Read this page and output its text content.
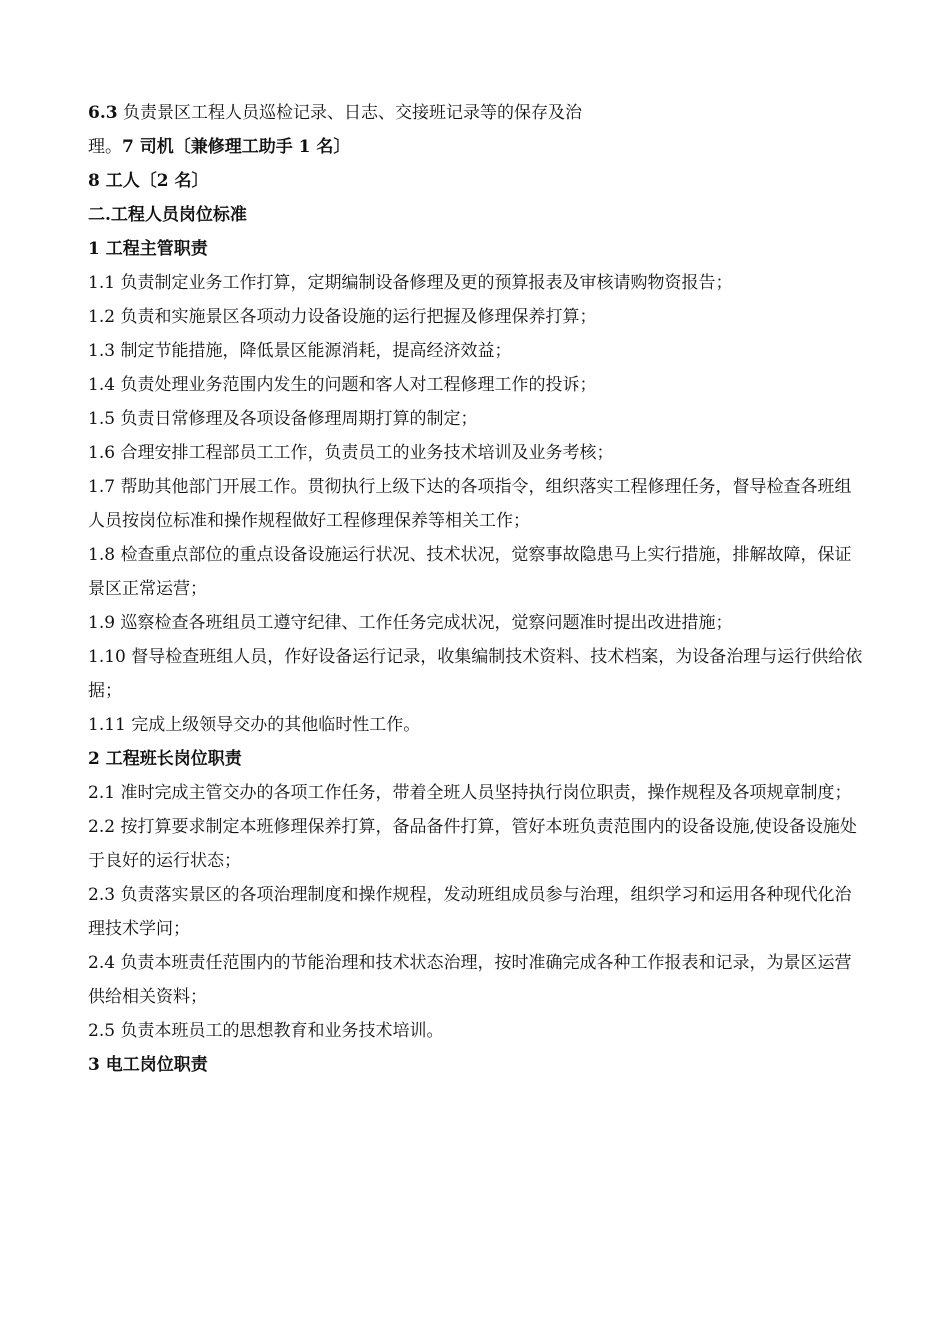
6.3 负责景区工程人员巡检记录、日志、交接班记录等的保存及治
理。7 司机〔兼修理工助手 1 名〕
8 工人〔2 名〕
二.工程人员岗位标准
1 工程主管职责
1.1 负责制定业务工作打算，定期编制设备修理及更的预算报表及审核请购物资报告；
1.2 负责和实施景区各项动力设备设施的运行把握及修理保养打算；
1.3 制定节能措施，降低景区能源消耗，提高经济效益；
1.4 负责处理业务范围内发生的问题和客人对工程修理工作的投诉；
1.5 负责日常修理及各项设备修理周期打算的制定；
1.6 合理安排工程部员工工作，负责员工的业务技术培训及业务考核；
1.7 帮助其他部门开展工作。贯彻执行上级下达的各项指令，组织落实工程修理任务，督导检查各班组人员按岗位标准和操作规程做好工程修理保养等相关工作；
1.8 检查重点部位的重点设备设施运行状况、技术状况，觉察事故隐患马上实行措施，排解故障，保证景区正常运营；
1.9 巡察检查各班组员工遵守纪律、工作任务完成状况，觉察问题准时提出改进措施；
1.10 督导检查班组人员，作好设备运行记录，收集编制技术资料、技术档案，为设备治理与运行供给依据；
1.11 完成上级领导交办的其他临时性工作。
2 工程班长岗位职责
2.1 准时完成主管交办的各项工作任务，带着全班人员坚持执行岗位职责，操作规程及各项规章制度；
2.2 按打算要求制定本班修理保养打算，备品备件打算，管好本班负责范围内的设备设施,使设备设施处于良好的运行状态；
2.3 负责落实景区的各项治理制度和操作规程，发动班组成员参与治理，组织学习和运用各种现代化治理技术学问；
2.4 负责本班责任范围内的节能治理和技术状态治理，按时准确完成各种工作报表和记录，为景区运营供给相关资料；
2.5 负责本班员工的思想教育和业务技术培训。
3 电工岗位职责
